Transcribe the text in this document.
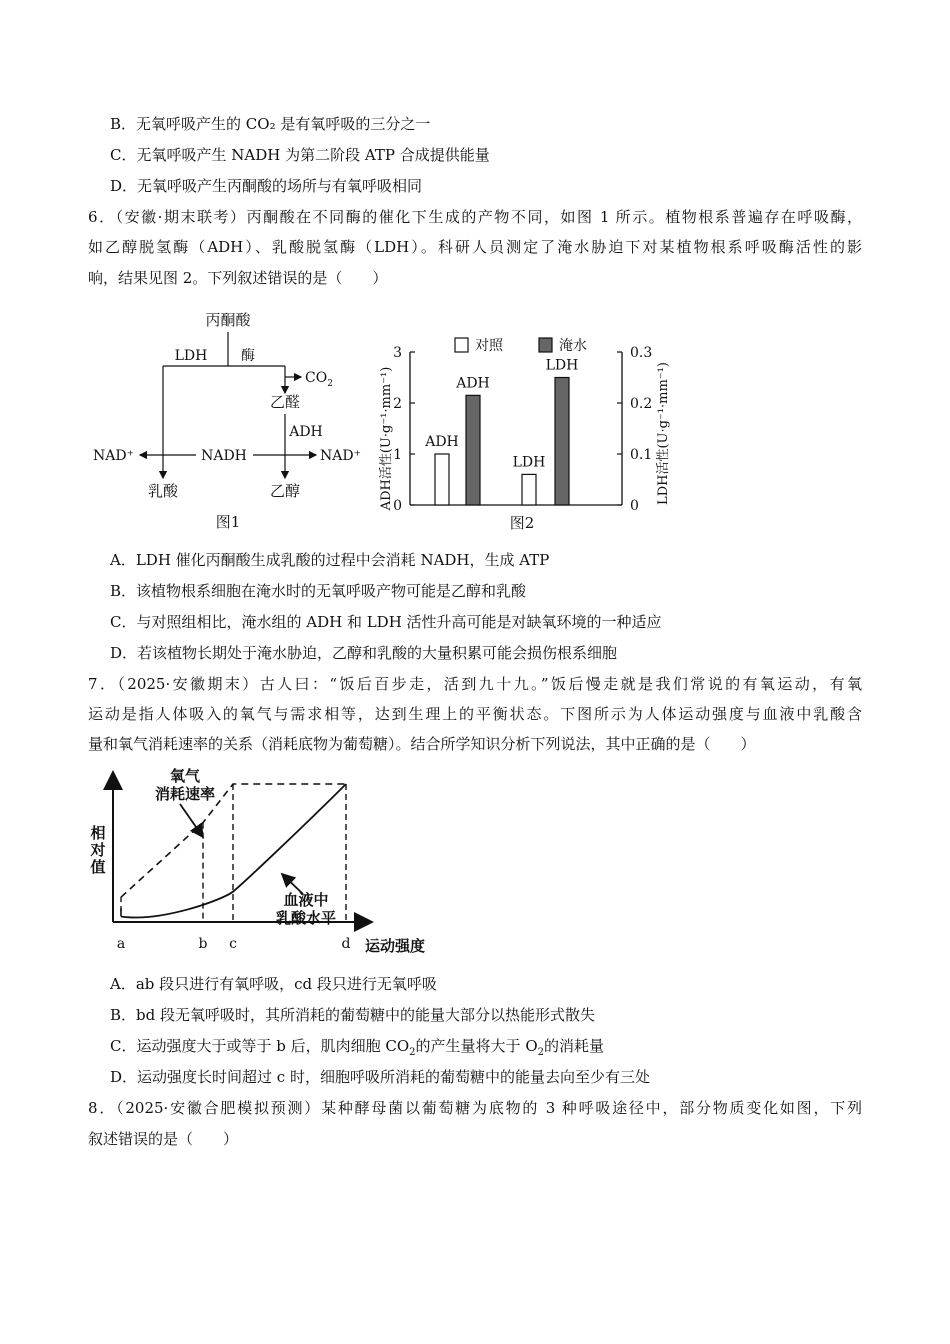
B．无氧呼吸产生的 CO₂ 是有氧呼吸的三分之一
C．无氧呼吸产生 NADH 为第二阶段 ATP 合成提供能量
D．无氧呼吸产生丙酮酸的场所与有氧呼吸相同
6．（安徽·期末联考）丙酮酸在不同酶的催化下生成的产物不同，如图 1 所示。植物根系普遍存在呼吸酶，
如乙醇脱氢酶（ADH）、乳酸脱氢酶（LDH）。科研人员测定了淹水胁迫下对某植物根系呼吸酶活性的影
响，结果见图 2。下列叙述错误的是（　　）
丙酮酸
LDH 酶
$CO_2$
乙醛
ADH
NADH
NAD⁺	NAD⁺
乳酸	乙醇
图1
0
1
2
3
0
0.1
0.2
0.3
ADH活性(U·g⁻¹·mm⁻¹)	LDH活性(U·g⁻¹·mm⁻¹)
对照	淹水
ADH
ADH
LDH
LDH
图2
A．LDH 催化丙酮酸生成乳酸的过程中会消耗 NADH，生成 ATP
B．该植物根系细胞在淹水时的无氧呼吸产物可能是乙醇和乳酸
C．与对照组相比，淹水组的 ADH 和 LDH 活性升高可能是对缺氧环境的一种适应
D．若该植物长期处于淹水胁迫，乙醇和乳酸的大量积累可能会损伤根系细胞
7．（2025·安徽期末）古人曰：“饭后百步走，活到九十九。”饭后慢走就是我们常说的有氧运动，有氧
运动是指人体吸入的氧气与需求相等，达到生理上的平衡状态。下图所示为人体运动强度与血液中乳酸含
量和氧气消耗速率的关系（消耗底物为葡萄糖）。结合所学知识分析下列说法，其中正确的是（　　）
相
对
值
运动强度
a	b c	d
氧气
消耗速率
血液中
乳酸水平
A．ab 段只进行有氧呼吸，cd 段只进行无氧呼吸
B．bd 段无氧呼吸时，其所消耗的葡萄糖中的能量大部分以热能形式散失
C．运动强度大于或等于 b 后，肌肉细胞 $CO_2$的产生量将大于 $O_2$的消耗量
D．运动强度长时间超过 c 时，细胞呼吸所消耗的葡萄糖中的能量去向至少有三处
8．（2025·安徽合肥模拟预测）某种酵母菌以葡萄糖为底物的 3 种呼吸途径中，部分物质变化如图，下列
叙述错误的是（　　）
